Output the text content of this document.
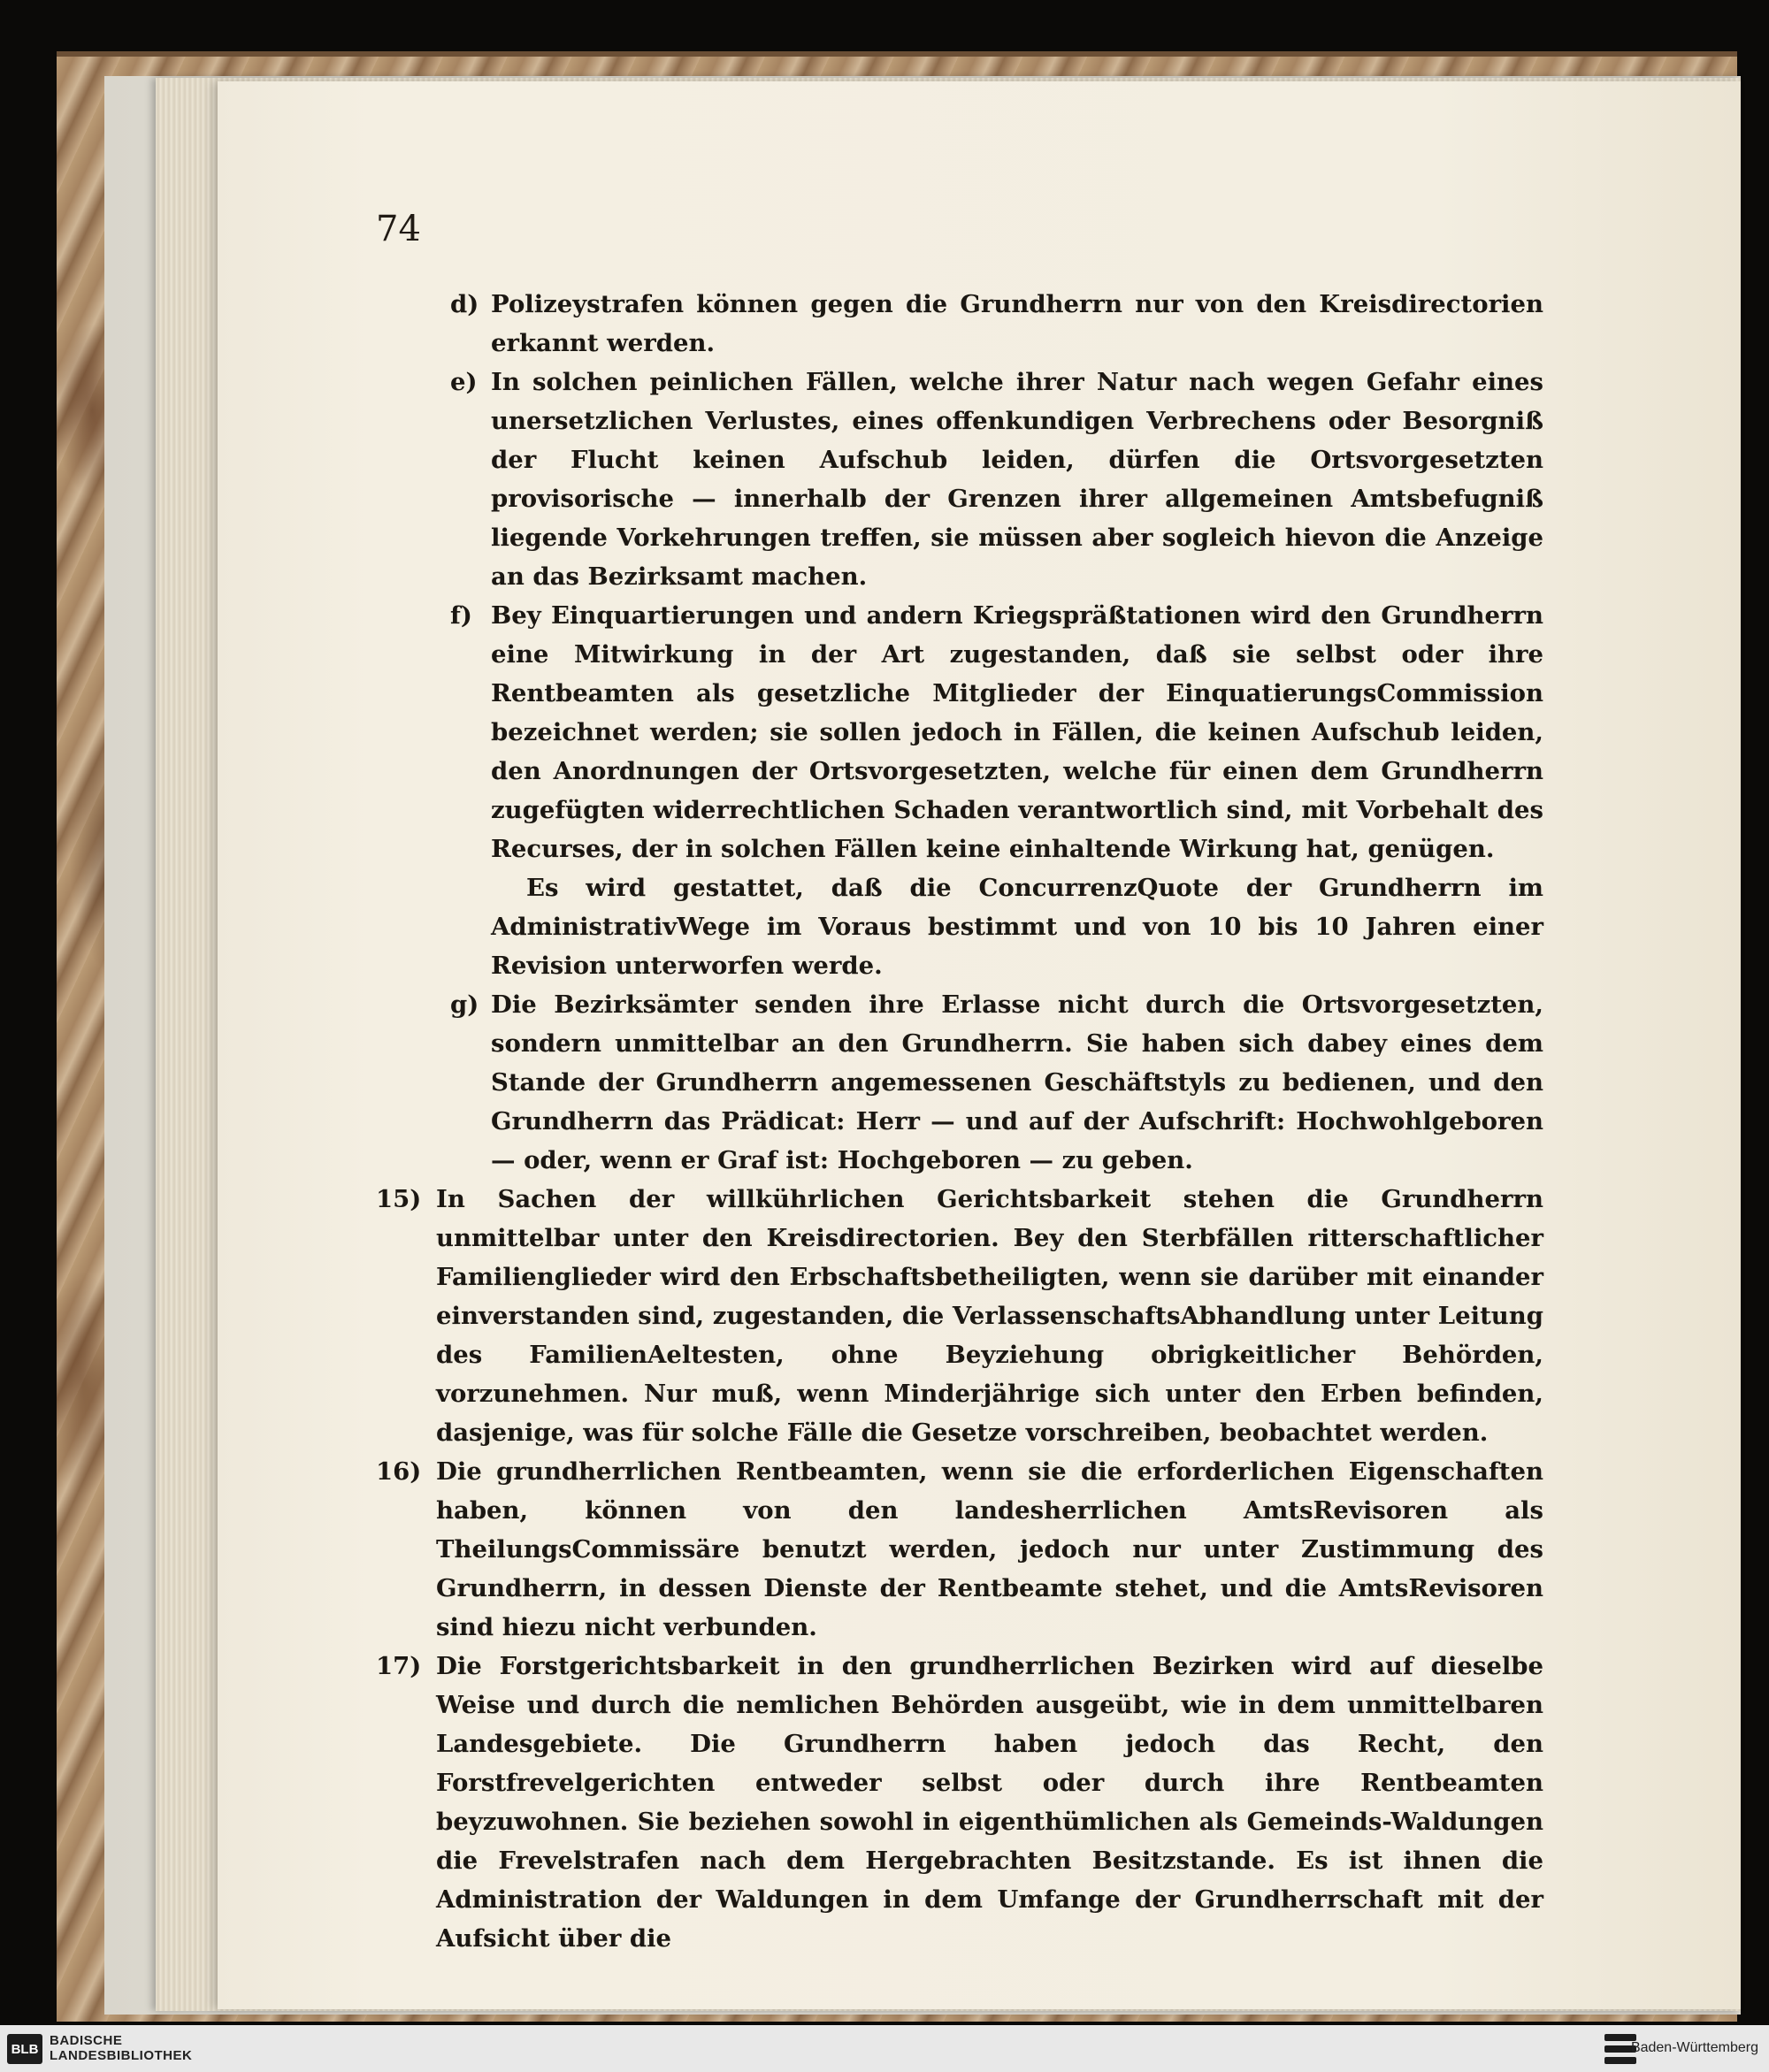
74
d) Polizeystrafen können gegen die Grundherrn nur von den Kreisdirectorien erkannt werden.
e) In solchen peinlichen Fällen, welche ihrer Natur nach wegen Gefahr eines unersetzlichen Verlustes, eines offenkundigen Verbrechens oder Besorgniß der Flucht keinen Aufschub leiden, dürfen die Ortsvorgesetzten provisorische — innerhalb der Grenzen ihrer allgemeinen Amtsbefugniß liegende Vorkehrungen treffen, sie müssen aber sogleich hievon die Anzeige an das Bezirksamt machen.
f) Bey Einquartierungen und andern Kriegspräßtationen wird den Grundherrn eine Mitwirkung in der Art zugestanden, daß sie selbst oder ihre Rentbeamten als gesetzliche Mitglieder der EinquatierungsCommission bezeichnet werden; sie sollen jedoch in Fällen, die keinen Aufschub leiden, den Anordnungen der Ortsvorgesetzten, welche für einen dem Grundherrn zugefügten widerrechtlichen Schaden verantwortlich sind, mit Vorbehalt des Recurses, der in solchen Fällen keine einhaltende Wirkung hat, genügen.
Es wird gestattet, daß die ConcurrenzQuote der Grundherrn im AdministrativWege im Voraus bestimmt und von 10 bis 10 Jahren einer Revision unterworfen werde.
g) Die Bezirksämter senden ihre Erlasse nicht durch die Ortsvorgesetzten, sondern unmittelbar an den Grundherrn. Sie haben sich dabey eines dem Stande der Grundherrn angemessenen Geschäftstyls zu bedienen, und den Grundherrn das Prädicat: Herr — und auf der Aufschrift: Hochwohlgeboren — oder, wenn er Graf ist: Hochgeboren — zu geben.
15) In Sachen der willkührlichen Gerichtsbarkeit stehen die Grundherrn unmittelbar unter den Kreisdirectorien. Bey den Sterbfällen ritterschaftlicher Familienglieder wird den Erbschaftsbetheiligten, wenn sie darüber mit einander einverstanden sind, zugestanden, die VerlassenschaftsAbhandlung unter Leitung des FamilienAeltesten, ohne Beyziehung obrigkeitlicher Behörden, vorzunehmen. Nur muß, wenn Minderjährige sich unter den Erben befinden, dasjenige, was für solche Fälle die Gesetze vorschreiben, beobachtet werden.
16) Die grundherrlichen Rentbeamten, wenn sie die erforderlichen Eigenschaften haben, können von den landesherrlichen AmtsRevisoren als TheilungsCommissäre benutzt werden, jedoch nur unter Zustimmung des Grundherrn, in dessen Dienste der Rentbeamte stehet, und die AmtsRevisoren sind hiezu nicht verbunden.
17) Die Forstgerichtsbarkeit in den grundherrlichen Bezirken wird auf dieselbe Weise und durch die nemlichen Behörden ausgeübt, wie in dem unmittelbaren Landesgebiete. Die Grundherrn haben jedoch das Recht, den Forstfrevelgerichten entweder selbst oder durch ihre Rentbeamten beyzuwohnen. Sie beziehen sowohl in eigenthümlichen als Gemeinds-Waldungen die Frevelstrafen nach dem Hergebrachten Besitzstande. Es ist ihnen die Administration der Waldungen in dem Umfange der Grundherrschaft mit der Aufsicht über die
BLB
BADISCHE
LANDESBIBLIOTHEK
Baden-Württemberg
